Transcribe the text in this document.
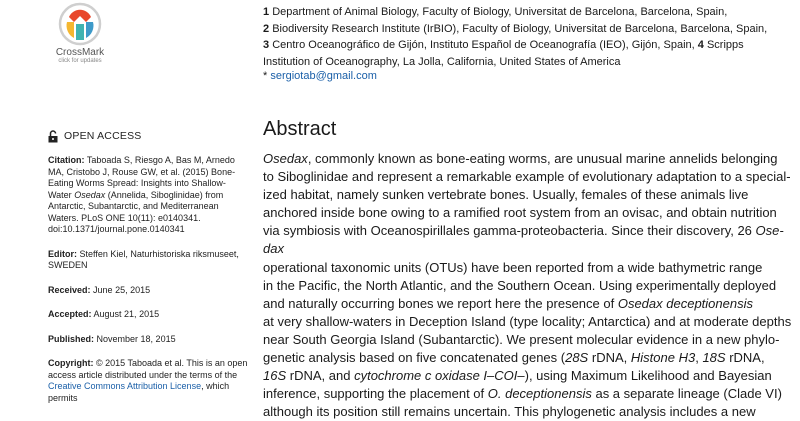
CrossMark
click for updates

1 Department of Animal Biology, Faculty of Biology, Universitat de Barcelona, Barcelona, Spain,

2 Biodiversity Research Institute (IrBIO), Faculty of Biology, Universitat de Barcelona, Barcelona, Spain,

3 Centro Oceanográfico de Gijón, Instituto Español de Oceanografía (IEO), Gijón, Spain, 4 Scripps

Institution of Oceanography, La Jolla, California, United States of America

* sergiotab@gmail.com
OPEN ACCESS

Citation: Taboada S, Riesgo A, Bas M, Arnedo MA, Cristobo J, Rouse GW, et al. (2015) Bone-Eating Worms Spread: Insights into Shallow-Water Osedax (Annelida, Siboglinidae) from Antarctic, Subantarctic, and Mediterranean Waters. PLoS ONE 10(11): e0140341. doi:10.1371/journal.pone.0140341

Editor: Steffen Kiel, Naturhistoriska riksmuseet, SWEDEN

Received: June 25, 2015

Accepted: August 21, 2015

Published: November 18, 2015

Copyright: © 2015 Taboada et al. This is an open access article distributed under the terms of the Creative Commons Attribution License, which permits

Abstract

Osedax, commonly known as bone-eating worms, are unusual marine annelids belonging

to Siboglinidae and represent a remarkable example of evolutionary adaptation to a special-

ized habitat, namely sunken vertebrate bones. Usually, females of these animals live

anchored inside bone owing to a ramified root system from an ovisac, and obtain nutrition

via symbiosis with Oceanospirillales gamma-proteobacteria. Since their discovery, 26 Ose-

dax operational taxonomic units (OTUs) have been reported from a wide bathymetric range

in the Pacific, the North Atlantic, and the Southern Ocean. Using experimentally deployed

and naturally occurring bones we report here the presence of Osedax deceptionensis

at very shallow-waters in Deception Island (type locality; Antarctica) and at moderate depths

near South Georgia Island (Subantarctic). We present molecular evidence in a new phylo-

genetic analysis based on five concatenated genes (28S rDNA, Histone H3, 18S rDNA,

16S rDNA, and cytochrome c oxidase I–COI–), using Maximum Likelihood and Bayesian

inference, supporting the placement of O. deceptionensis as a separate lineage (Clade VI)

although its position still remains uncertain. This phylogenetic analysis includes a new
